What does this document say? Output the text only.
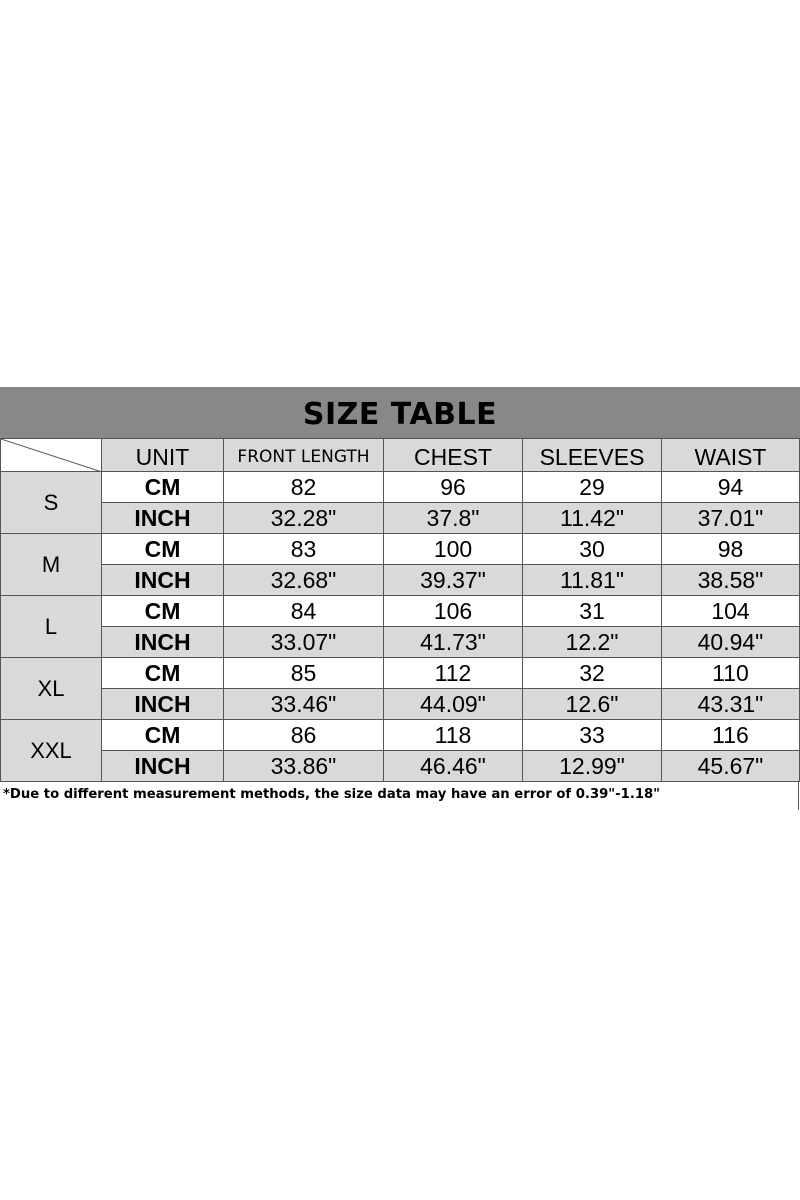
SIZE TABLE
	UNIT	FRONT LENGTH	CHEST	SLEEVES	WAIST
S	CM	82	96	29	94
	INCH	32.28"	37.8"	11.42"	37.01"
M	CM	83	100	30	98
	INCH	32.68"	39.37"	11.81"	38.58"
L	CM	84	106	31	104
	INCH	33.07"	41.73"	12.2"	40.94"
XL	CM	85	112	32	110
	INCH	33.46"	44.09"	12.6"	43.31"
XXL	CM	86	118	33	116
	INCH	33.86"	46.46"	12.99"	45.67"
*Due to different measurement methods, the size data may have an error of 0.39"-1.18"
